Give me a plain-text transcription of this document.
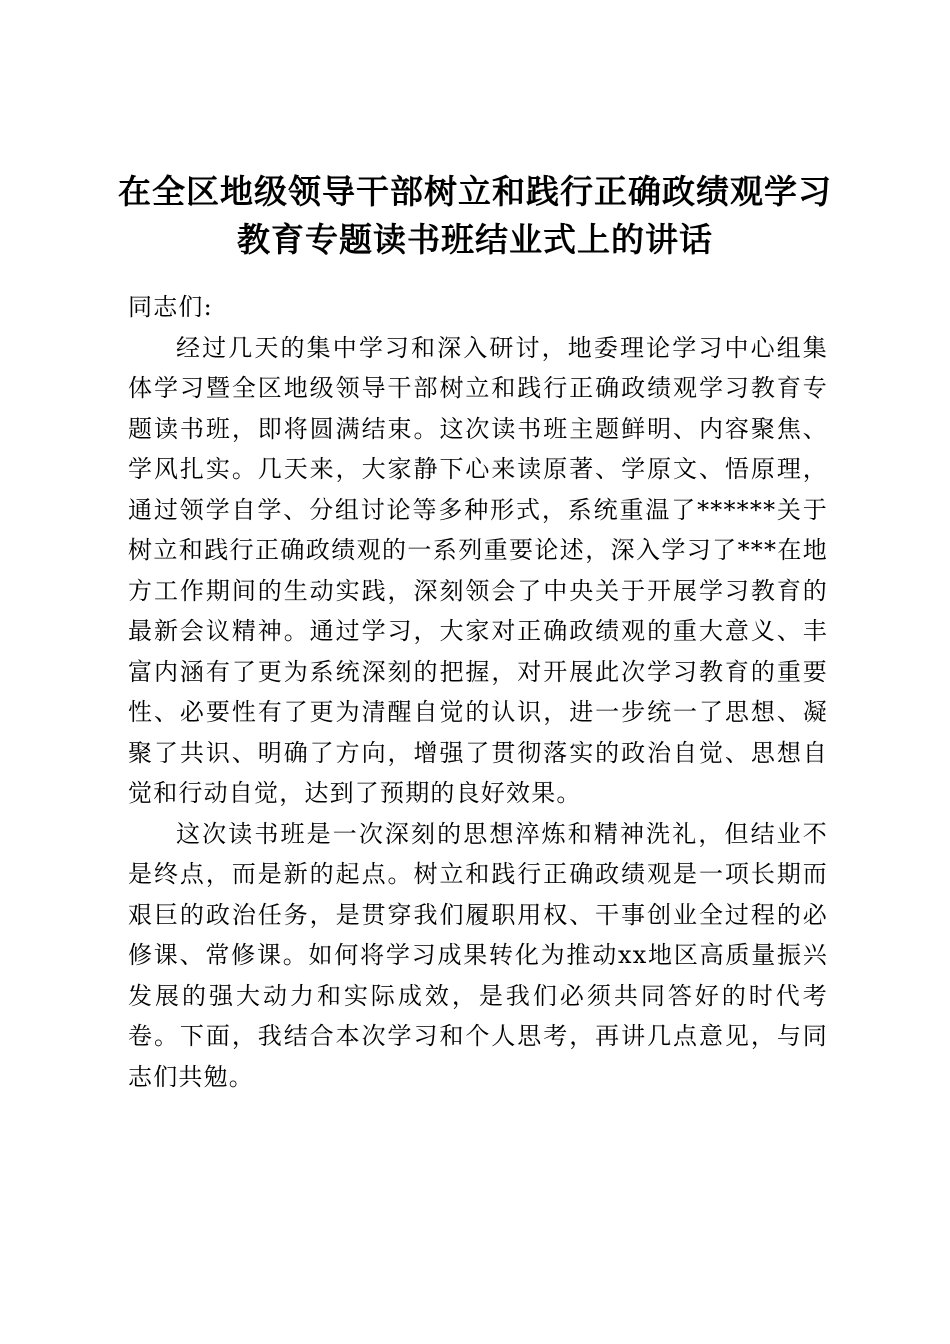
在全区地级领导干部树立和践行正确政绩观学习教育专题读书班结业式上的讲话

同志们:

经过几天的集中学习和深入研讨，地委理论学习中心组集体学习暨全区地级领导干部树立和践行正确政绩观学习教育专题读书班，即将圆满结束。这次读书班主题鲜明、内容聚焦、学风扎实。几天来，大家静下心来读原著、学原文、悟原理，通过领学自学、分组讨论等多种形式，系统重温了******关于树立和践行正确政绩观的一系列重要论述，深入学习了***在地方工作期间的生动实践，深刻领会了中央关于开展学习教育的最新会议精神。通过学习，大家对正确政绩观的重大意义、丰富内涵有了更为系统深刻的把握，对开展此次学习教育的重要性、必要性有了更为清醒自觉的认识，进一步统一了思想、凝聚了共识、明确了方向，增强了贯彻落实的政治自觉、思想自觉和行动自觉，达到了预期的良好效果。

这次读书班是一次深刻的思想淬炼和精神洗礼，但结业不是终点，而是新的起点。树立和践行正确政绩观是一项长期而艰巨的政治任务，是贯穿我们履职用权、干事创业全过程的必修课、常修课。如何将学习成果转化为推动xx地区高质量振兴发展的强大动力和实际成效，是我们必须共同答好的时代考卷。下面，我结合本次学习和个人思考，再讲几点意见，与同志们共勉。
